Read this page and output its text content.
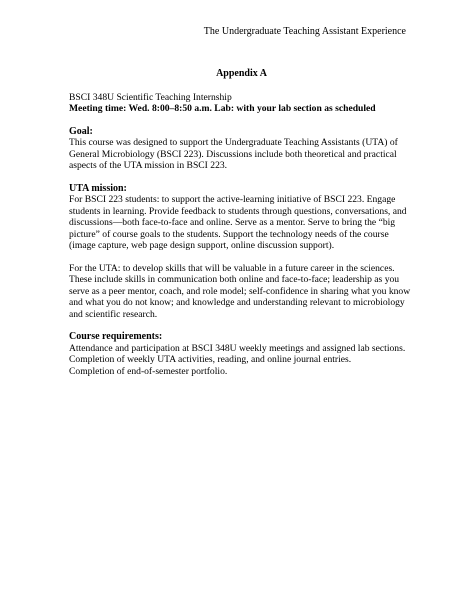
The Undergraduate Teaching Assistant Experience
Appendix A

BSCI 348U Scientific Teaching Internship

Meeting time: Wed. 8:00–8:50 a.m. Lab: with your lab section as scheduled

Goal:

This course was designed to support the Undergraduate Teaching Assistants (UTA) of General Microbiology (BSCI 223). Discussions include both theoretical and practical aspects of the UTA mission in BSCI 223.

UTA mission:

For BSCI 223 students: to support the active-learning initiative of BSCI 223. Engage students in learning. Provide feedback to students through questions, conversations, and discussions—both face-to-face and online. Serve as a mentor. Serve to bring the “big picture” of course goals to the students. Support the technology needs of the course (image capture, web page design support, online discussion support).

For the UTA: to develop skills that will be valuable in a future career in the sciences. These include skills in communication both online and face-to-face; leadership as you serve as a peer mentor, coach, and role model; self-confidence in sharing what you know and what you do not know; and knowledge and understanding relevant to microbiology and scientific research.

Course requirements:

Attendance and participation at BSCI 348U weekly meetings and assigned lab sections.

Completion of weekly UTA activities, reading, and online journal entries.

Completion of end-of-semester portfolio.
